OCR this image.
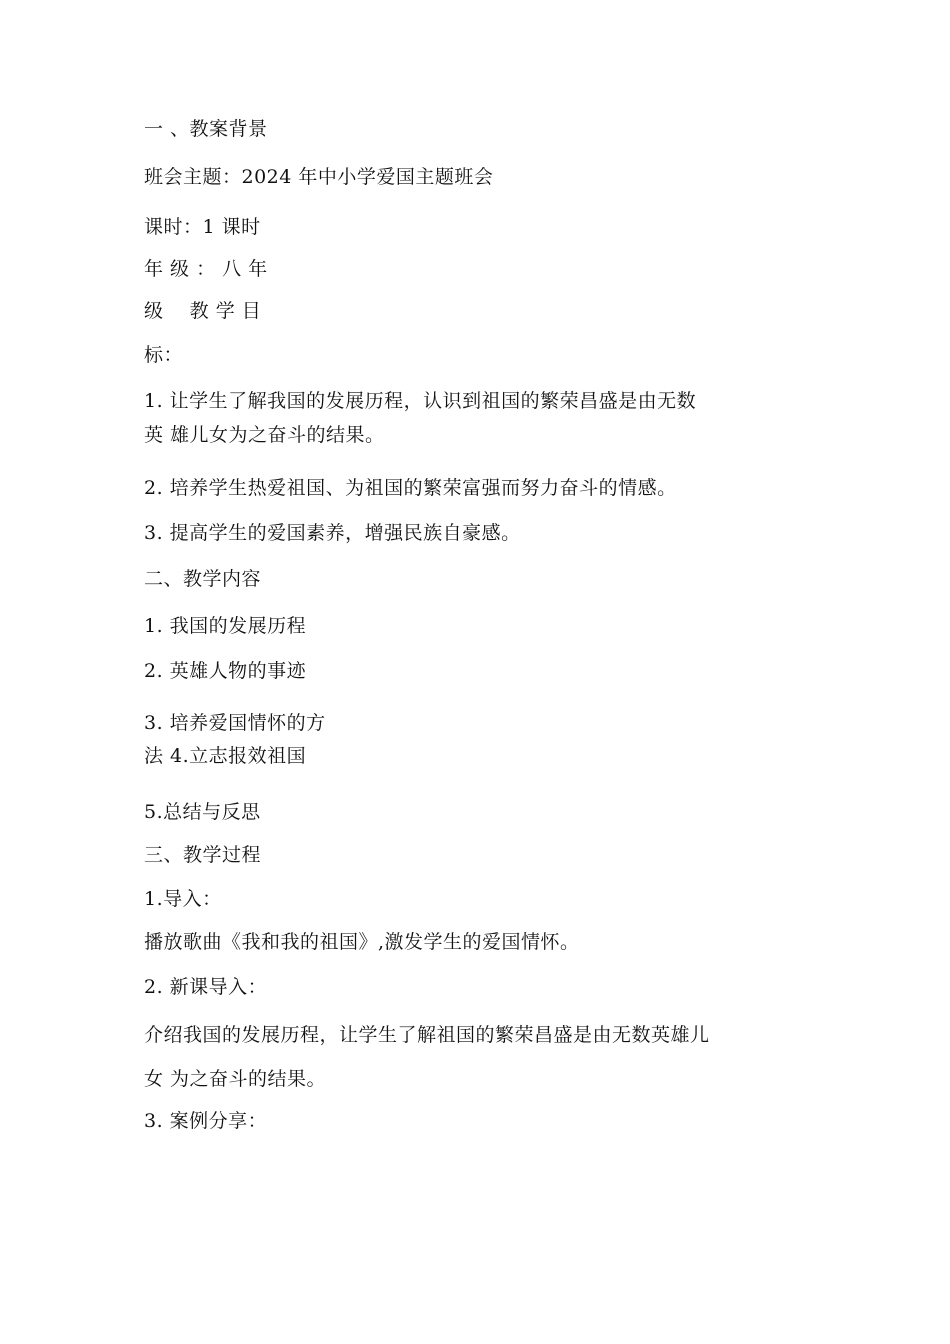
一 、教案背景
班会主题：2024 年中小学爱国主题班会
课时：1 课时
年 级 ： 八 年
级    教 学 目
标：
1. 让学生了解我国的发展历程，认识到祖国的繁荣昌盛是由无数
英 雄儿女为之奋斗的结果。
2. 培养学生热爱祖国、为祖国的繁荣富强而努力奋斗的情感。
3. 提高学生的爱国素养，增强民族自豪感。
二、教学内容
1. 我国的发展历程
2. 英雄人物的事迹
3. 培养爱国情怀的方
法 4.立志报效祖国
5.总结与反思
三、教学过程
1.导入：
播放歌曲《我和我的祖国》,激发学生的爱国情怀。
2. 新课导入：
介绍我国的发展历程，让学生了解祖国的繁荣昌盛是由无数英雄儿
女 为之奋斗的结果。
3. 案例分享：
